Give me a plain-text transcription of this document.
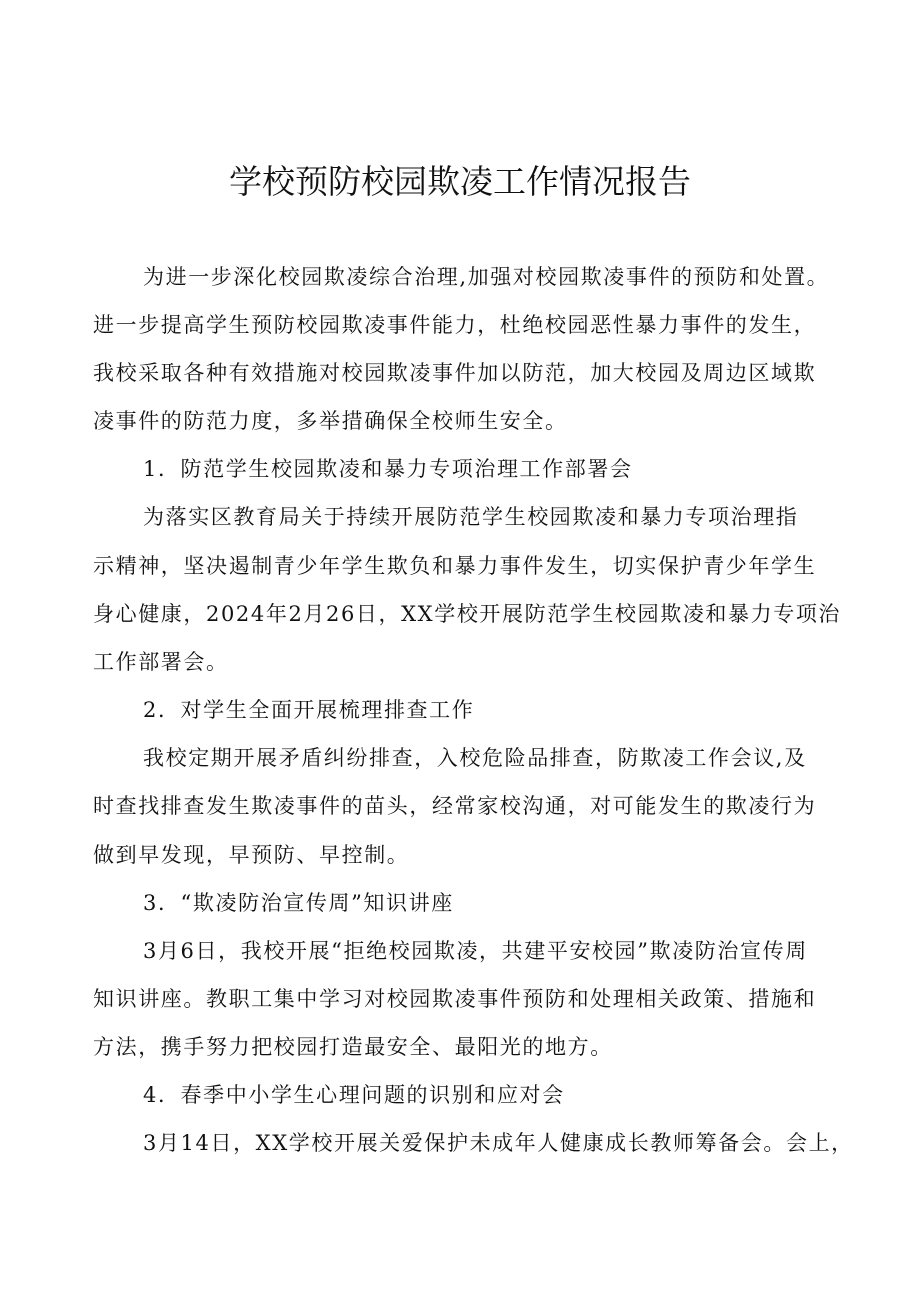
学校预防校园欺凌工作情况报告
为进一步深化校园欺凌综合治理,加强对校园欺凌事件的预防和处置。
进一步提高学生预防校园欺凌事件能力，杜绝校园恶性暴力事件的发生，
我校采取各种有效措施对校园欺凌事件加以防范，加大校园及周边区域欺
凌事件的防范力度，多举措确保全校师生安全。
1．防范学生校园欺凌和暴力专项治理工作部署会
为落实区教育局关于持续开展防范学生校园欺凌和暴力专项治理指
示精神，坚决遏制青少年学生欺负和暴力事件发生，切实保护青少年学生
身心健康，2024年2月26日，XX学校开展防范学生校园欺凌和暴力专项治
工作部署会。
2．对学生全面开展梳理排查工作
我校定期开展矛盾纠纷排查，入校危险品排查，防欺凌工作会议,及
时查找排查发生欺凌事件的苗头，经常家校沟通，对可能发生的欺凌行为
做到早发现，早预防、早控制。
3．“欺凌防治宣传周”知识讲座
3月6日，我校开展“拒绝校园欺凌，共建平安校园”欺凌防治宣传周
知识讲座。教职工集中学习对校园欺凌事件预防和处理相关政策、措施和
方法，携手努力把校园打造最安全、最阳光的地方。
4．春季中小学生心理问题的识别和应对会
3月14日，XX学校开展关爱保护未成年人健康成长教师筹备会。会上，
